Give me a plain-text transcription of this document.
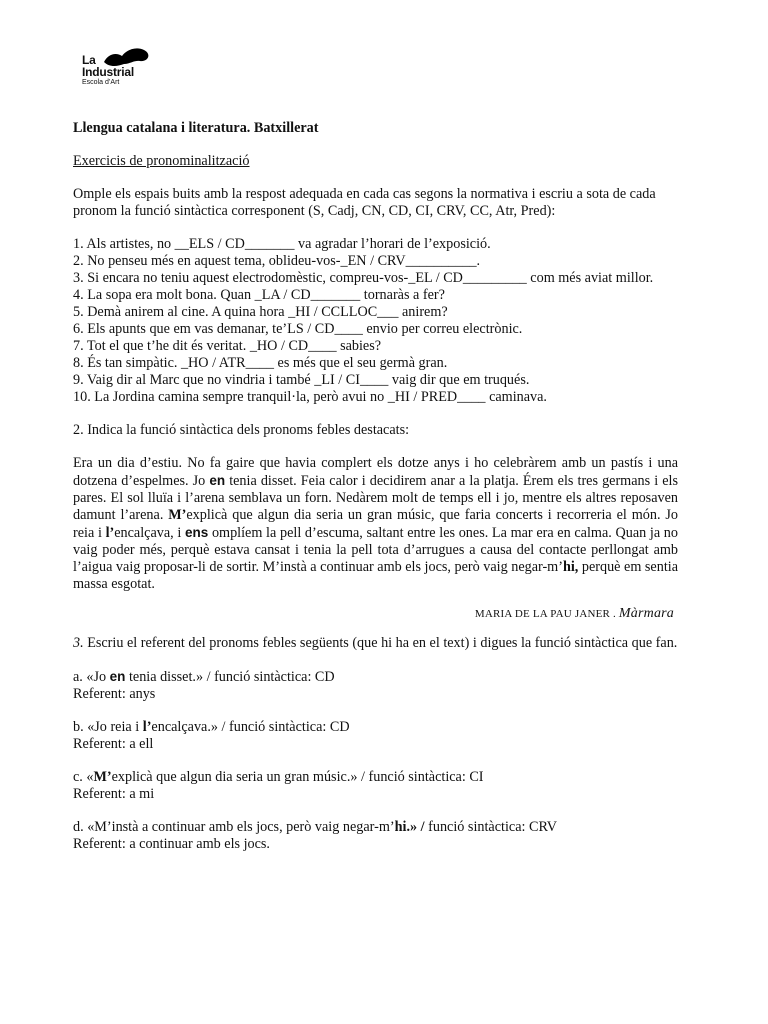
La
Industrial
Escola d’Art

Llengua catalana i literatura. Batxillerat

Exercicis de pronominalització

Omple els espais buits amb la respost adequada en cada cas segons la normativa i escriu a sota de cada pronom la funció sintàctica corresponent (S, Cadj, CN, CD, CI, CRV, CC, Atr, Pred):

1. Als artistes, no __ELS / CD_______ va agradar l’horari de l’exposició.

2. No penseu més en aquest tema, oblideu-vos-_EN / CRV__________.

3. Si encara no teniu aquest electrodomèstic, compreu-vos-_EL / CD_________ com més aviat millor.

4. La sopa era molt bona. Quan _LA / CD_______ tornaràs a fer?

5. Demà anirem al cine. A quina hora _HI / CCLLOC___ anirem?

6. Els apunts que em vas demanar, te’LS / CD____ envio per correu electrònic.

7. Tot el que t’he dit és veritat. _HO / CD____ sabies?

8. És tan simpàtic. _HO / ATR____ es més que el seu germà gran.

9. Vaig dir al Marc que no vindria i també _LI / CI____ vaig dir que em truqués.

10. La Jordina camina sempre tranquil·la, però avui no _HI / PRED____ caminava.

2. Indica la funció sintàctica dels pronoms febles destacats:

Era un dia d’estiu. No fa gaire que havia complert els dotze anys i ho celebràrem amb un pastís i una dotzena d’espelmes. Jo en tenia disset. Feia calor i decidirem anar a la platja. Érem els tres germans i els pares. El sol lluïa i l’arena semblava un forn. Nedàrem molt de temps ell i jo, mentre els altres reposaven damunt l’arena. M’explicà que algun dia seria un gran músic, que faria concerts i recorreria el món. Jo reia i l’encalçava, i ens omplíem la pell d’escuma, saltant entre les ones. La mar era en calma. Quan ja no vaig poder més, perquè estava cansat i tenia la pell tota d’arrugues a causa del contacte perllongat amb l’aigua vaig proposar-li de sortir. M’instà a continuar amb els jocs, però vaig negar-m’hi, perquè em sentia massa esgotat.

MARIA DE LA PAU JANER . Màrmara

3. Escriu el referent del pronoms febles següents (que hi ha en el text) i digues la funció sintàctica que fan.

a. «Jo en tenia disset.» / funció sintàctica: CD

Referent: anys

b. «Jo reia i l’encalçava.» / funció sintàctica: CD

Referent: a ell

c. «M’explicà que algun dia seria un gran músic.» / funció sintàctica: CI

Referent: a mi

d. «M’instà a continuar amb els jocs, però vaig negar-m’hi.» / funció sintàctica: CRV

Referent: a continuar amb els jocs.
